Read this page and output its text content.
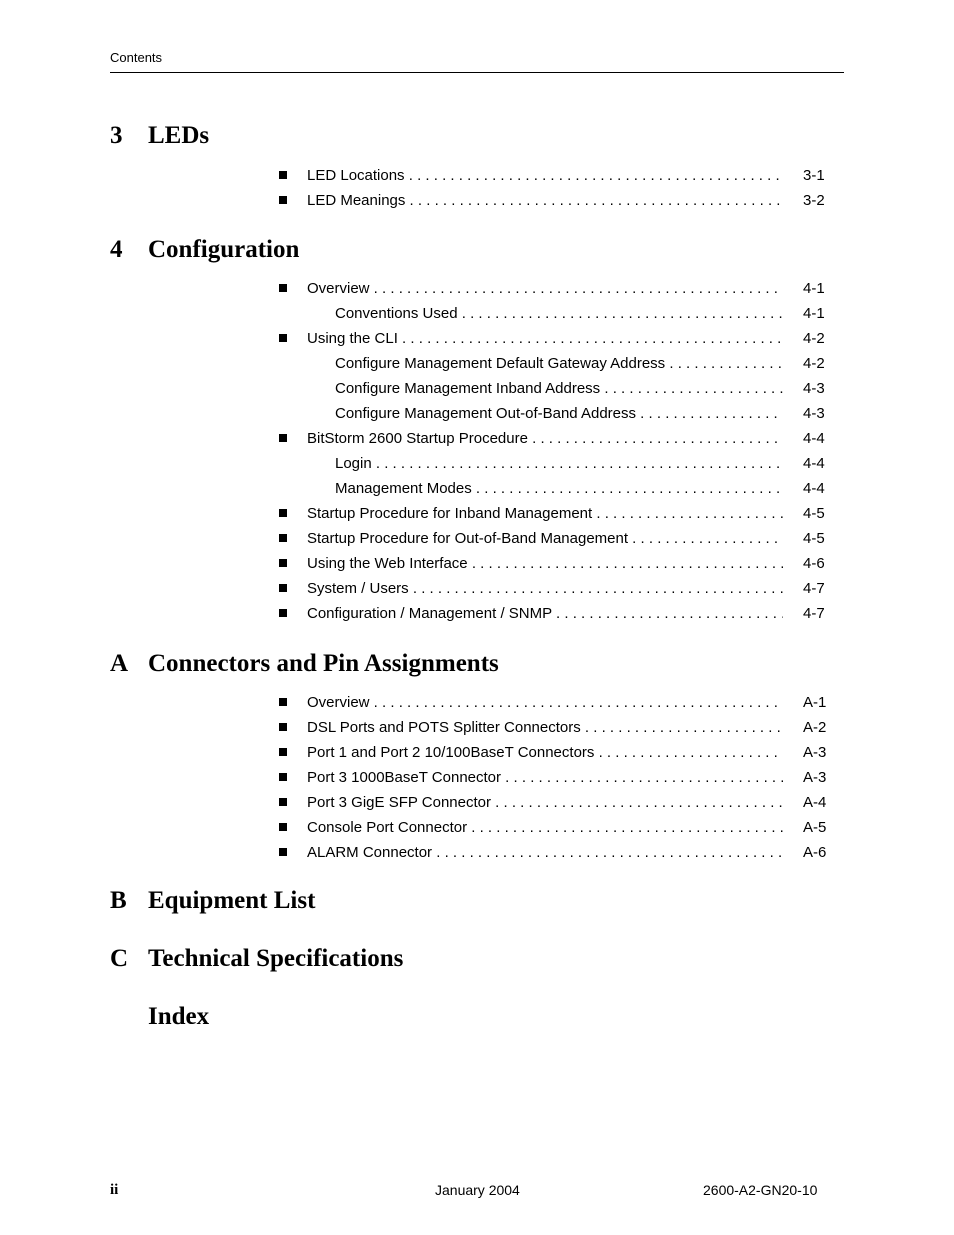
Contents
3 LEDs
LED Locations . . .	3-1
LED Meanings . . .	3-2
4 Configuration
Overview . . .	4-1
Conventions Used . . .	4-1
Using the CLI . . .	4-2
Configure Management Default Gateway Address . . .	4-2
Configure Management Inband Address . . .	4-3
Configure Management Out-of-Band Address . . .	4-3
BitStorm 2600 Startup Procedure . . .	4-4
Login . . .	4-4
Management Modes . . .	4-4
Startup Procedure for Inband Management . . .	4-5
Startup Procedure for Out-of-Band Management . . .	4-5
Using the Web Interface . . .	4-6
System / Users . . .	4-7
Configuration / Management / SNMP . . .	4-7
A Connectors and Pin Assignments
Overview . . .	A-1
DSL Ports and POTS Splitter Connectors . . .	A-2
Port 1 and Port 2 10/100BaseT Connectors . . .	A-3
Port 3 1000BaseT Connector . . .	A-3
Port 3 GigE SFP Connector . . .	A-4
Console Port Connector . . .	A-5
ALARM Connector . . .	A-6
B Equipment List
C Technical Specifications
Index
ii	January 2004	2600-A2-GN20-10
